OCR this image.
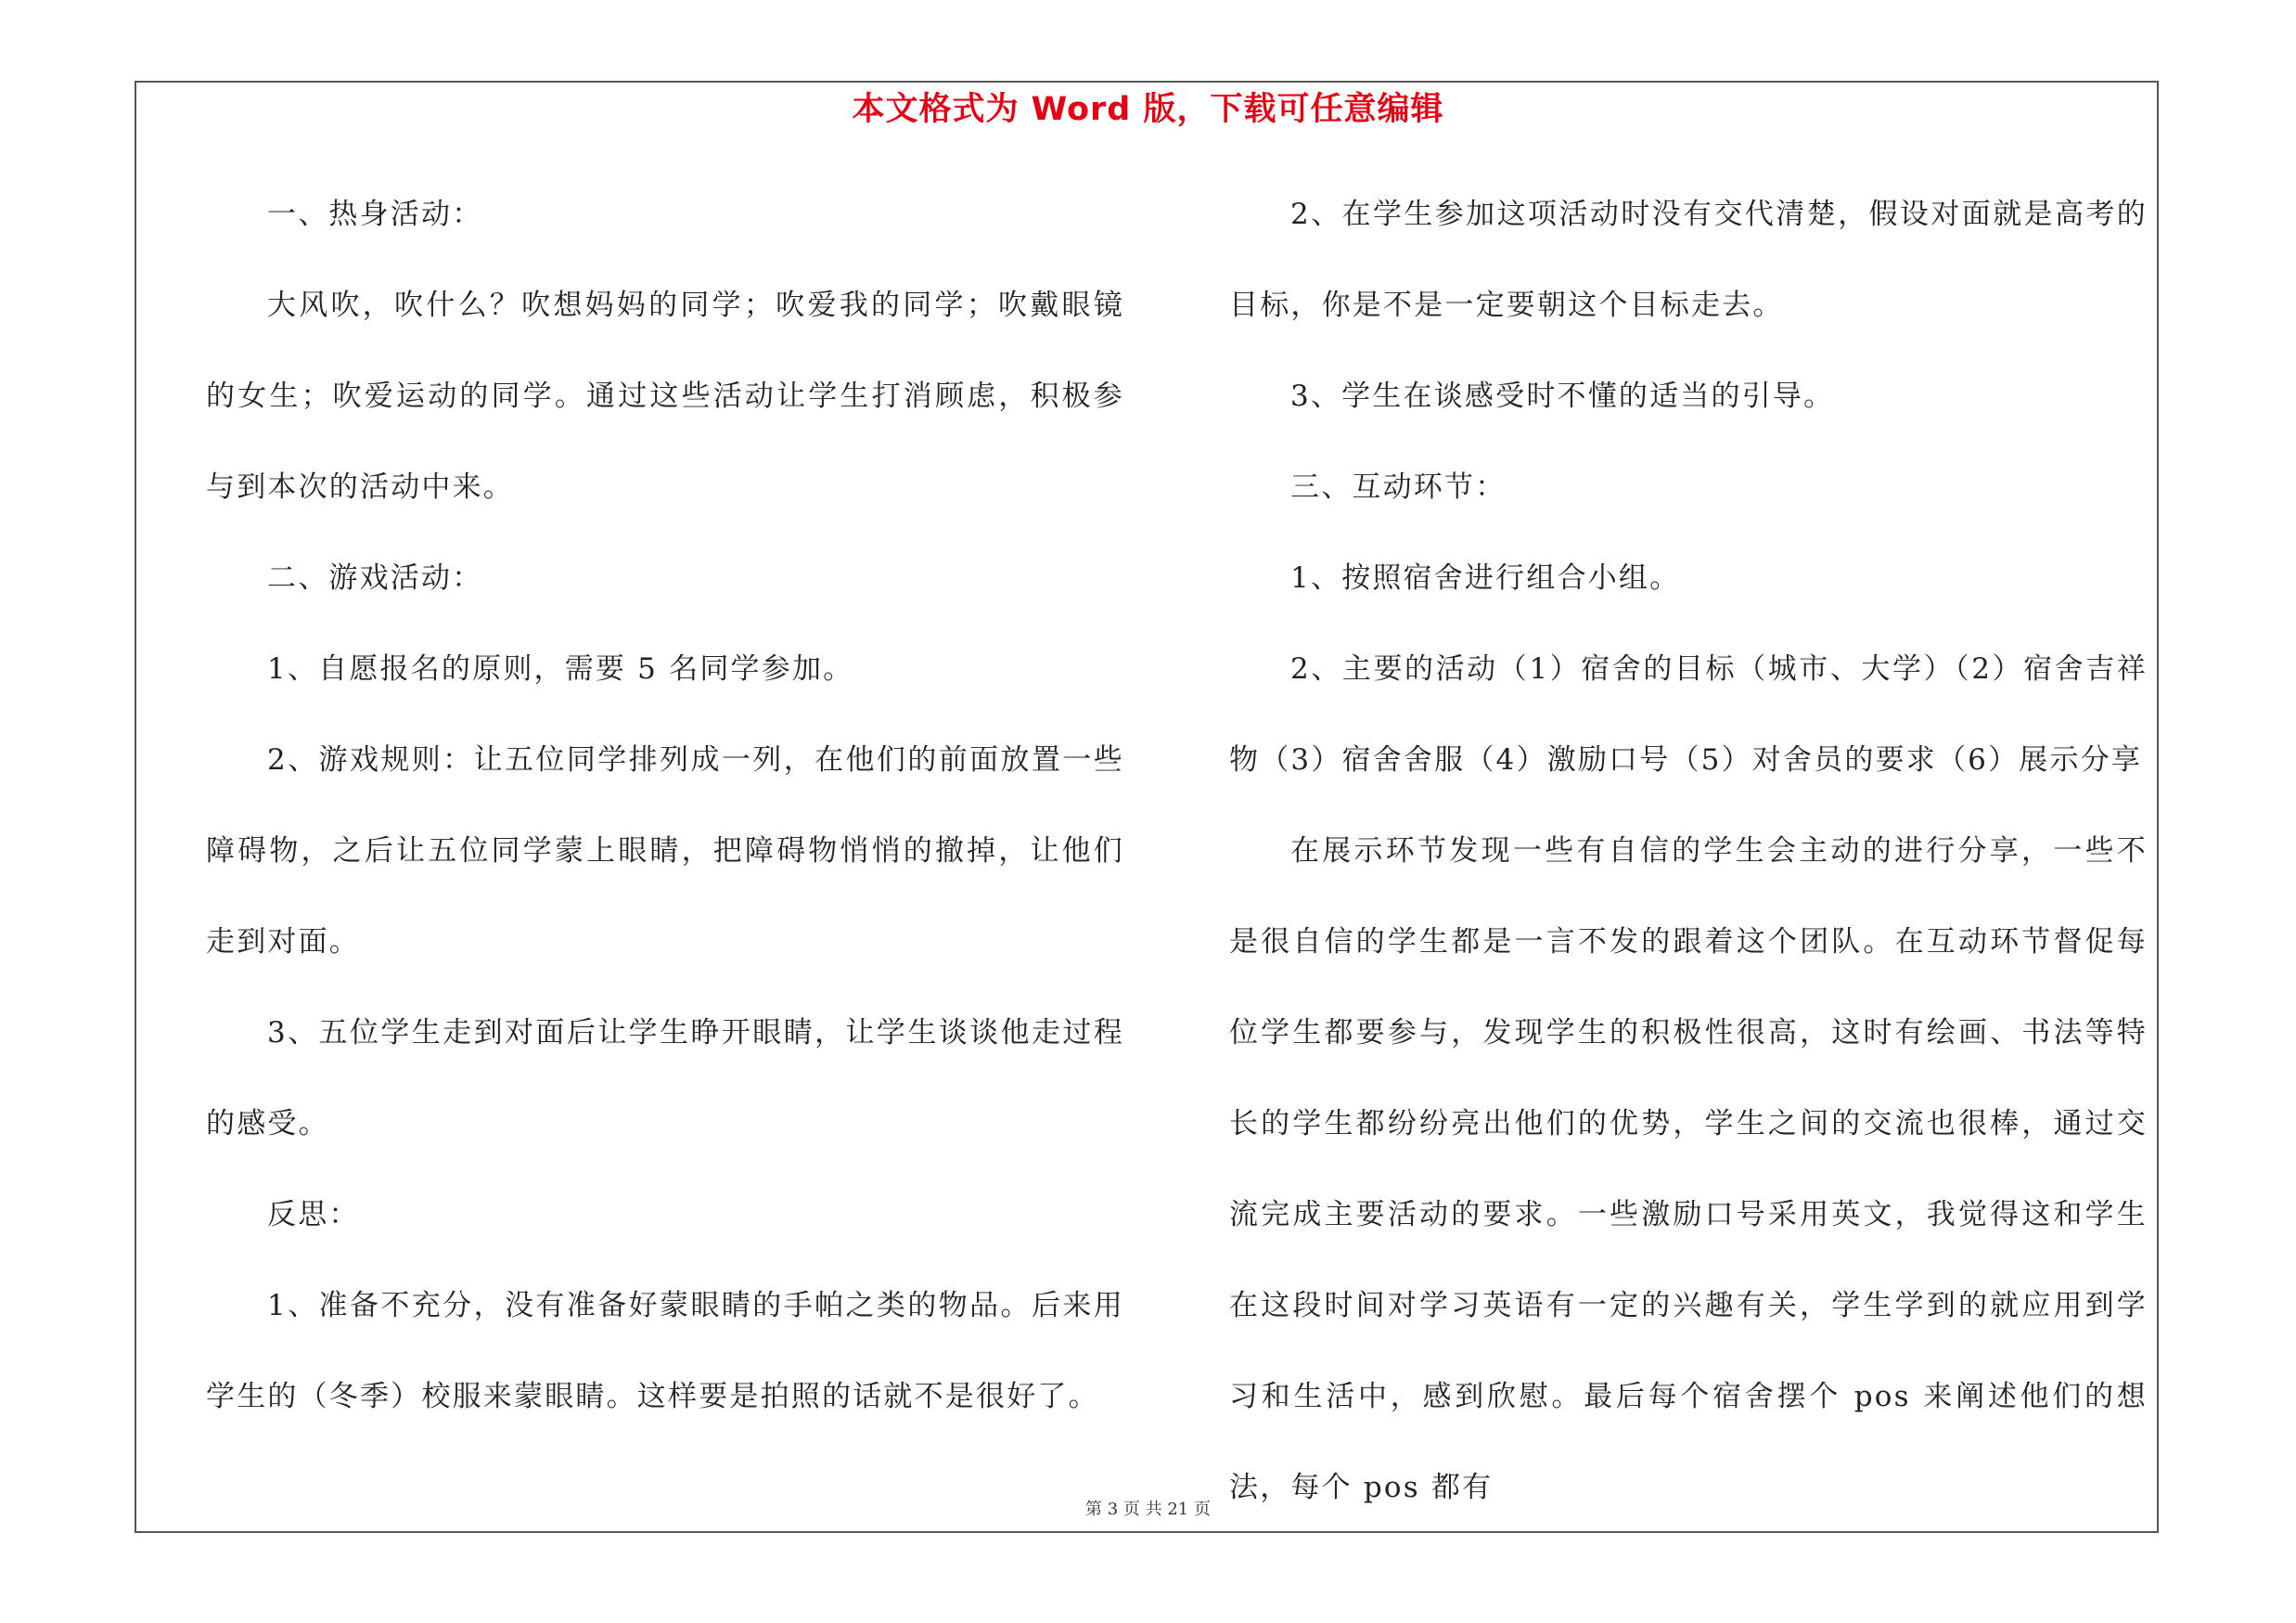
本文格式为 Word 版，下载可任意编辑

一、热身活动：

大风吹，吹什么？吹想妈妈的同学；吹爱我的同学；吹戴眼镜的女生；吹爱运动的同学。通过这些活动让学生打消顾虑，积极参与到本次的活动中来。

二、游戏活动：

1、自愿报名的原则，需要 5 名同学参加。

2、游戏规则：让五位同学排列成一列，在他们的前面放置一些障碍物，之后让五位同学蒙上眼睛，把障碍物悄悄的撤掉，让他们走到对面。

3、五位学生走到对面后让学生睁开眼睛，让学生谈谈他走过程的感受。

反思：

1、准备不充分，没有准备好蒙眼睛的手帕之类的物品。后来用学生的（冬季）校服来蒙眼睛。这样要是拍照的话就不是很好了。

2、在学生参加这项活动时没有交代清楚，假设对面就是高考的目标，你是不是一定要朝这个目标走去。

3、学生在谈感受时不懂的适当的引导。

三、互动环节：

1、按照宿舍进行组合小组。

2、主要的活动（1）宿舍的目标（城市、大学）（2）宿舍吉祥物（3）宿舍舍服（4）激励口号（5）对舍员的要求（6）展示分享

在展示环节发现一些有自信的学生会主动的进行分享，一些不是很自信的学生都是一言不发的跟着这个团队。在互动环节督促每位学生都要参与，发现学生的积极性很高，这时有绘画、书法等特长的学生都纷纷亮出他们的优势，学生之间的交流也很棒，通过交流完成主要活动的要求。一些激励口号采用英文，我觉得这和学生在这段时间对学习英语有一定的兴趣有关，学生学到的就应用到学习和生活中，感到欣慰。最后每个宿舍摆个 pos 来阐述他们的想法，每个 pos 都有

第 3 页 共 21 页
